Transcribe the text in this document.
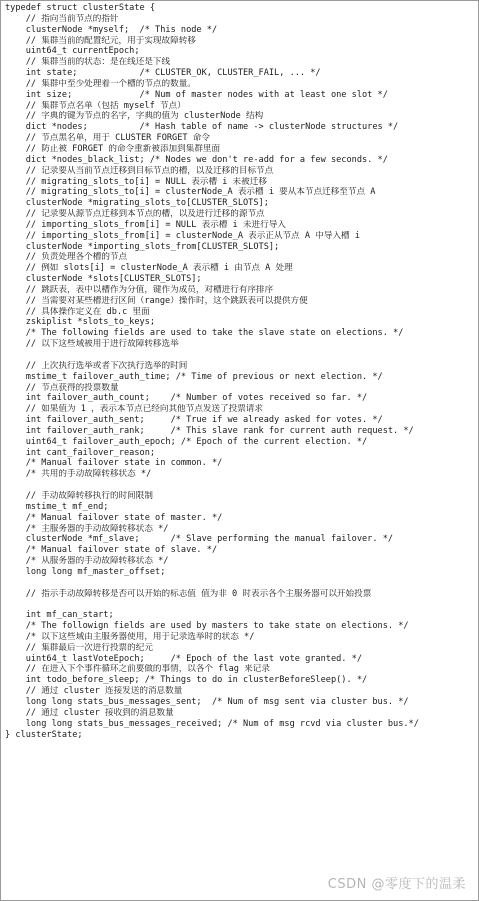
typedef struct clusterState {
// 指向当前节点的指针
clusterNode *myself;  /* This node */
// 集群当前的配置纪元，用于实现故障转移
uint64_t currentEpoch;
// 集群当前的状态：是在线还是下线
int state;            /* CLUSTER_OK, CLUSTER_FAIL, ... */
// 集群中至少处理着一个槽的节点的数量。
int size;             /* Num of master nodes with at least one slot */
// 集群节点名单（包括 myself 节点）
// 字典的键为节点的名字，字典的值为 clusterNode 结构
dict *nodes;          /* Hash table of name -> clusterNode structures */
// 节点黑名单，用于 CLUSTER FORGET 命令
// 防止被 FORGET 的命令重新被添加到集群里面
dict *nodes_black_list; /* Nodes we don't re-add for a few seconds. */
// 记录要从当前节点迁移到目标节点的槽，以及迁移的目标节点
// migrating_slots_to[i] = NULL 表示槽 i 未被迁移
// migrating_slots_to[i] = clusterNode_A 表示槽 i 要从本节点迁移至节点 A
clusterNode *migrating_slots_to[CLUSTER_SLOTS];
// 记录要从源节点迁移到本节点的槽，以及进行迁移的源节点
// importing_slots_from[i] = NULL 表示槽 i 未进行导入
// importing_slots_from[i] = clusterNode_A 表示正从节点 A 中导入槽 i
clusterNode *importing_slots_from[CLUSTER_SLOTS];
// 负责处理各个槽的节点
// 例如 slots[i] = clusterNode_A 表示槽 i 由节点 A 处理
clusterNode *slots[CLUSTER_SLOTS];
// 跳跃表，表中以槽作为分值，键作为成员，对槽进行有序排序
// 当需要对某些槽进行区间（range）操作时，这个跳跃表可以提供方便
// 具体操作定义在 db.c 里面
zskiplist *slots_to_keys;
/* The following fields are used to take the slave state on elections. */
// 以下这些域被用于进行故障转移选举
// 上次执行选举或者下次执行选举的时间
mstime_t failover_auth_time; /* Time of previous or next election. */
// 节点获得的投票数量
int failover_auth_count;    /* Number of votes received so far. */
// 如果值为 1 ，表示本节点已经向其他节点发送了投票请求
int failover_auth_sent;     /* True if we already asked for votes. */
int failover_auth_rank;     /* This slave rank for current auth request. */
uint64_t failover_auth_epoch; /* Epoch of the current election. */
int cant_failover_reason;
/* Manual failover state in common. */
/* 共用的手动故障转移状态 */
// 手动故障转移执行的时间限制
mstime_t mf_end;
/* Manual failover state of master. */
/* 主服务器的手动故障转移状态 */
clusterNode *mf_slave;      /* Slave performing the manual failover. */
/* Manual failover state of slave. */
/* 从服务器的手动故障转移状态 */
long long mf_master_offset;
// 指示手动故障转移是否可以开始的标志值 值为非 0 时表示各个主服务器可以开始投票
int mf_can_start;
/* The followign fields are used by masters to take state on elections. */
/* 以下这些域由主服务器使用，用于记录选举时的状态 */
// 集群最后一次进行投票的纪元
uint64_t lastVoteEpoch;     /* Epoch of the last vote granted. */
// 在进入下个事件循环之前要做的事情，以各个 flag 来记录
int todo_before_sleep; /* Things to do in clusterBeforeSleep(). */
// 通过 cluster 连接发送的消息数量
long long stats_bus_messages_sent;  /* Num of msg sent via cluster bus. */
// 通过 cluster 接收到的消息数量
long long stats_bus_messages_received; /* Num of msg rcvd via cluster bus.*/
} clusterState;
CSDN @零度下的温柔
